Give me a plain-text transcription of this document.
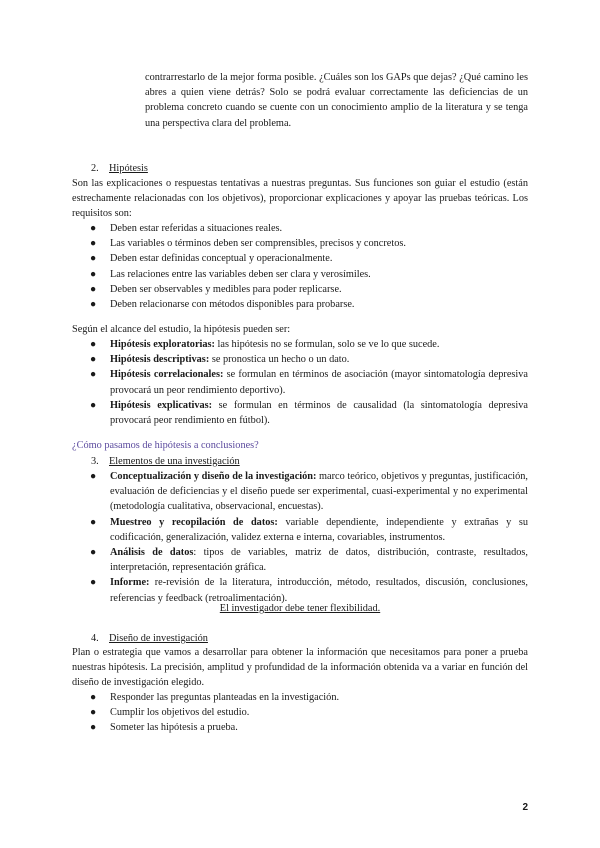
contrarrestarlo de la mejor forma posible. ¿Cuáles son los GAPs que dejas? ¿Qué camino les abres a quien viene detrás? Solo se podrá evaluar correctamente las deficiencias de un problema concreto cuando se cuente con un conocimiento amplio de la literatura y se tenga una perspectiva clara del problema.
2. Hipótesis
Son las explicaciones o respuestas tentativas a nuestras preguntas. Sus funciones son guiar el estudio (están estrechamente relacionadas con los objetivos), proporcionar explicaciones y apoyar las pruebas teóricas. Los requisitos son:
●	Deben estar referidas a situaciones reales.
●	Las variables o términos deben ser comprensibles, precisos y concretos.
●	Deben estar definidas conceptual y operacionalmente.
●	Las relaciones entre las variables deben ser clara y verosímiles.
●	Deben ser observables y medibles para poder replicarse.
●	Deben relacionarse con métodos disponibles para probarse.
Según el alcance del estudio, la hipótesis pueden ser:
●	Hipótesis exploratorias: las hipótesis no se formulan, solo se ve lo que sucede.
●	Hipótesis descriptivas: se pronostica un hecho o un dato.
●	Hipótesis correlacionales: se formulan en términos de asociación (mayor sintomatología depresiva provocará un peor rendimiento deportivo).
●	Hipótesis explicativas: se formulan en términos de causalidad (la sintomatología depresiva provocará peor rendimiento en fútbol).
¿Cómo pasamos de hipótesis a conclusiones?
3. Elementos de una investigación
●	Conceptualización y diseño de la investigación: marco teórico, objetivos y preguntas, justificación, evaluación de deficiencias y el diseño puede ser experimental, cuasi-experimental y no experimental (metodología cualitativa, observacional, encuestas).
●	Muestreo y recopilación de datos: variable dependiente, independiente y extrañas y su codificación, generalización, validez externa e interna, covariables, instrumentos.
●	Análisis de datos: tipos de variables, matriz de datos, distribución, contraste, resultados, interpretación, representación gráfica.
●	Informe: re-revisión de la literatura, introducción, método, resultados, discusión, conclusiones, referencias y feedback (retroalimentación).
El investigador debe tener flexibilidad.
4. Diseño de investigación
Plan o estrategia que vamos a desarrollar para obtener la información que necesitamos para poner a prueba nuestras hipótesis. La precisión, amplitud y profundidad de la información obtenida va a variar en función del diseño de investigación elegido.
●	Responder las preguntas planteadas en la investigación.
●	Cumplir los objetivos del estudio.
●	Someter las hipótesis a prueba.
2
